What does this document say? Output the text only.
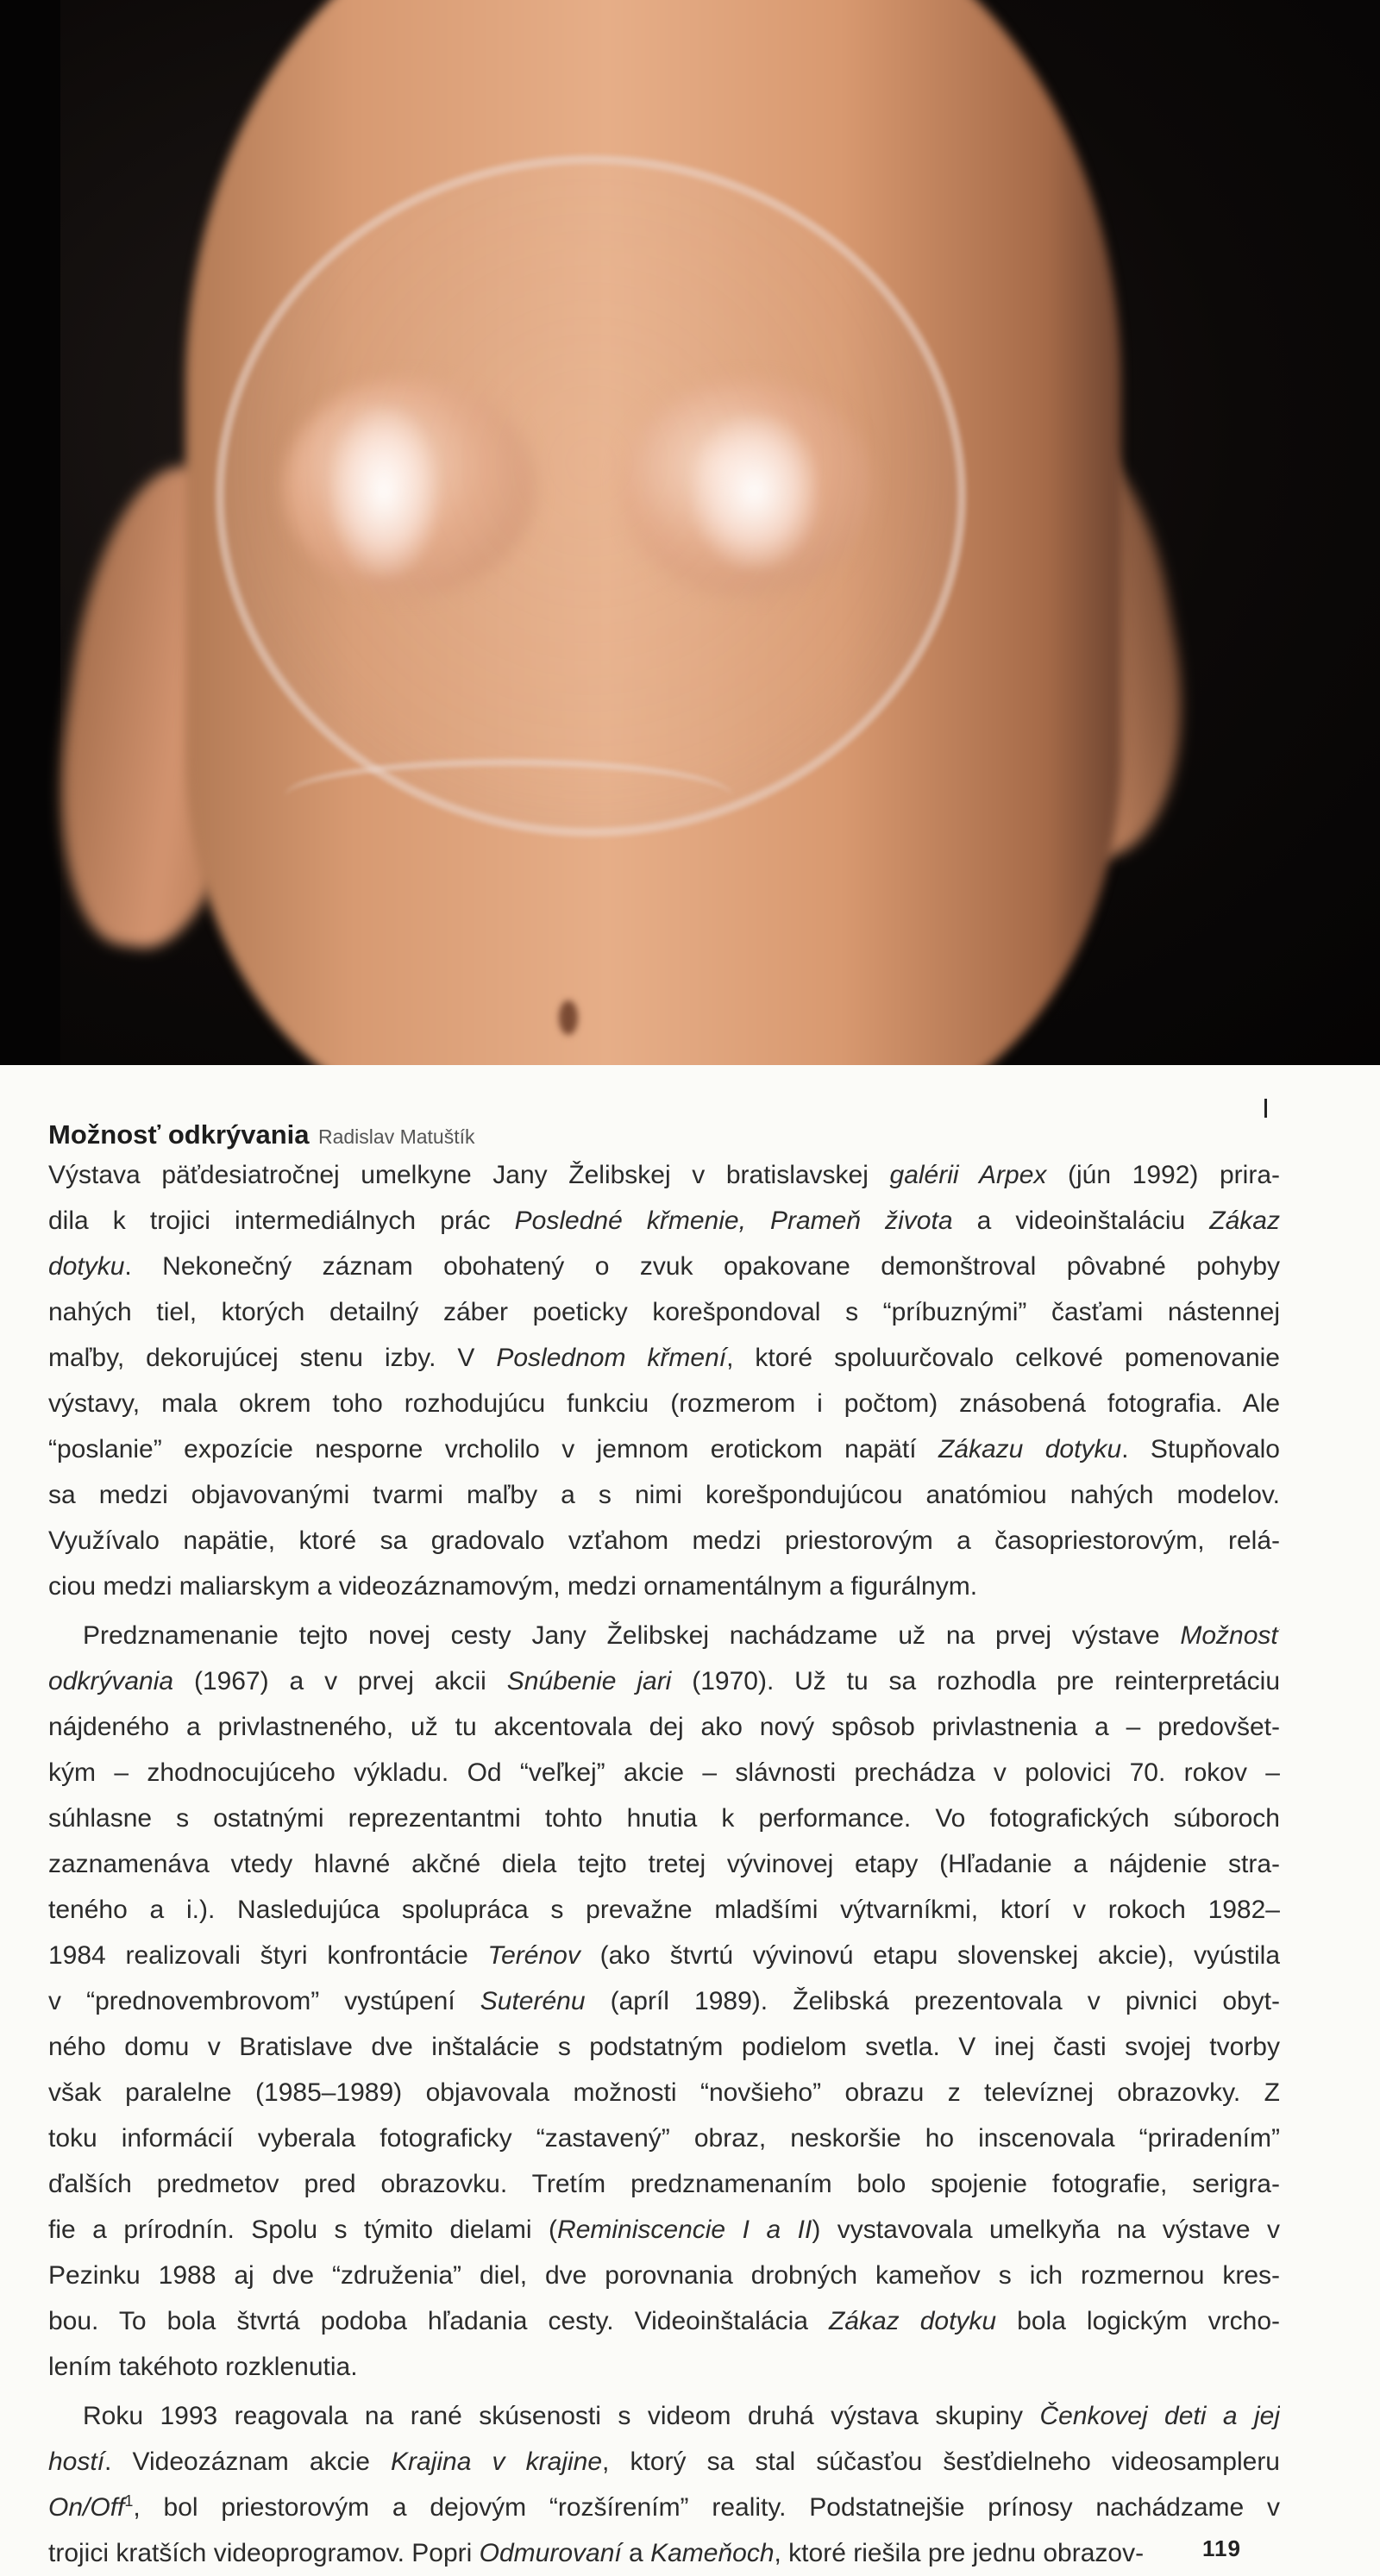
Možnosť odkrývania Radislav Matuštík
Výstava päťdesiatročnej umelkyne Jany Želibskej v bratislavskej galérii Arpex (jún 1992) prira-
dila k trojici intermediálnych prác Posledné křmenie, Prameň života a videoinštaláciu Zákaz
dotyku. Nekonečný záznam obohatený o zvuk opakovane demonštroval pôvabné pohyby
nahých tiel, ktorých detailný záber poeticky korešpondoval s “príbuznými” časťami nástennej
maľby, dekorujúcej stenu izby. V Poslednom křmení, ktoré spoluurčovalo celkové pomenovanie
výstavy, mala okrem toho rozhodujúcu funkciu (rozmerom i počtom) znásobená fotografia. Ale
“poslanie” expozície nesporne vrcholilo v jemnom erotickom napätí Zákazu dotyku. Stupňovalo
sa medzi objavovanými tvarmi maľby a s nimi korešpondujúcou anatómiou nahých modelov.
Využívalo napätie, ktoré sa gradovalo vzťahom medzi priestorovým a časopriestorovým, relá-
ciou medzi maliarskym a videozáznamovým, medzi ornamentálnym a figurálnym.
Predznamenanie tejto novej cesty Jany Želibskej nachádzame už na prvej výstave Možnosť
odkrývania (1967) a v prvej akcii Snúbenie jari (1970). Už tu sa rozhodla pre reinterpretáciu
nájdeného a privlastneného, už tu akcentovala dej ako nový spôsob privlastnenia a – predovšet-
kým – zhodnocujúceho výkladu. Od “veľkej” akcie – slávnosti prechádza v polovici 70. rokov –
súhlasne s ostatnými reprezentantmi tohto hnutia k performance. Vo fotografických súboroch
zaznamenáva vtedy hlavné akčné diela tejto tretej vývinovej etapy (Hľadanie a nájdenie stra-
teného a i.). Nasledujúca spolupráca s prevažne mladšími výtvarníkmi, ktorí v rokoch 1982–
1984 realizovali štyri konfrontácie Terénov (ako štvrtú vývinovú etapu slovenskej akcie), vyústila
v “prednovembrovom” vystúpení Suterénu (apríl 1989). Želibská prezentovala v pivnici obyt-
ného domu v Bratislave dve inštalácie s podstatným podielom svetla. V inej časti svojej tvorby
však paralelne (1985–1989) objavovala možnosti “novšieho” obrazu z televíznej obrazovky. Z
toku informácií vyberala fotograficky “zastavený” obraz, neskoršie ho inscenovala “priradením”
ďalších predmetov pred obrazovku. Tretím predznamenaním bolo spojenie fotografie, serigra-
fie a prírodnín. Spolu s týmito dielami (Reminiscencie I a II) vystavovala umelkyňa na výstave v
Pezinku 1988 aj dve “združenia” diel, dve porovnania drobných kameňov s ich rozmernou kres-
bou. To bola štvrtá podoba hľadania cesty. Videoinštalácia Zákaz dotyku bola logickým vrcho-
lením takéhoto rozklenutia.
Roku 1993 reagovala na rané skúsenosti s videom druhá výstava skupiny Čenkovej deti a jej
hostí. Videozáznam akcie Krajina v krajine, ktorý sa stal súčasťou šesťdielneho videosampleru
On/Off$^1$, bol priestorovým a dejovým “rozšírením” reality. Podstatnejšie prínosy nachádzame v
trojici kratších videoprogramov. Popri Odmurovaní a Kameňoch, ktoré riešila pre jednu obrazov-	119
